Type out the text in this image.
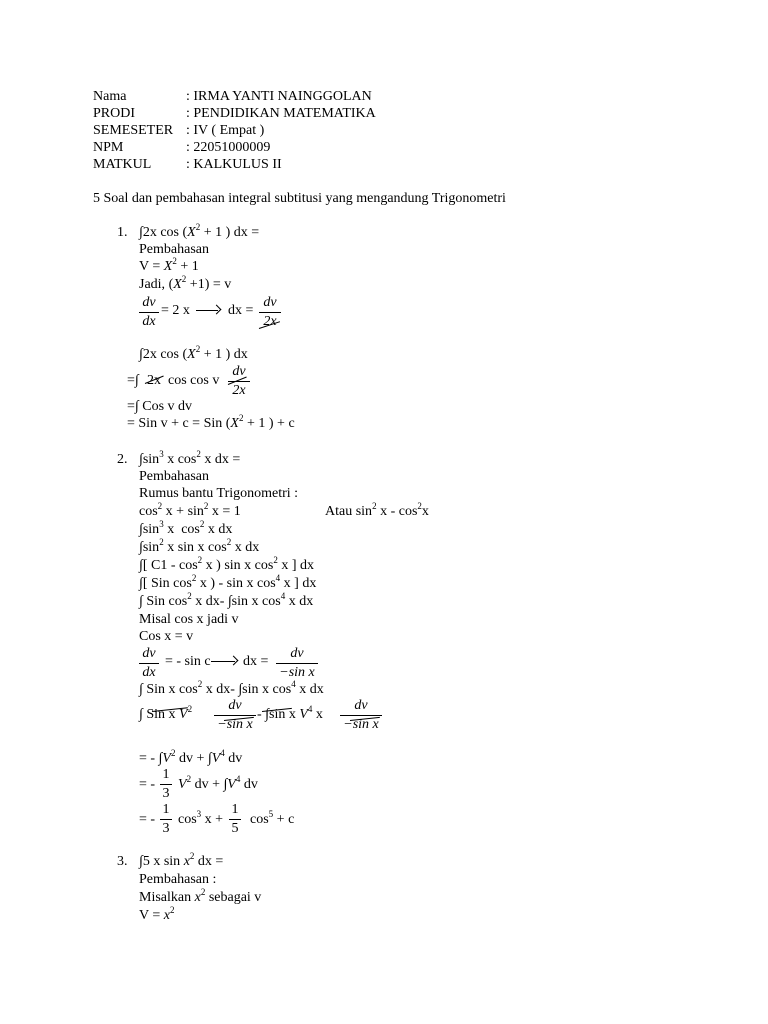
Nama	: IRMA YANTI NAINGGOLAN
PRODI	: PENDIDIKAN MATEMATIKA
SEMESETER : IV ( Empat )
NPM	: 22051000009
MATKUL : KALKULUS II
5 Soal dan pembahasan integral subtitusi yang mengandung Trigonometri
1. ∫2x $\cos (X^2 + 1$ ) dx =
Pembahasan
$V = X^2 + 1$
Jadi, $(X^2 +1) = v$
dv
dx
= 2 x	dx =
dv
2x
∫2x $\cos (X^2 + 1$ ) dx
=∫ 2x cos cos v
dv
2x
=∫ Cos v dv
= Sin v + c = Sin ($X^2 + 1$ ) + c
2. $\int\sin^3$ x $\cos^2 x$ dx =
Pembahasan
Rumus bantu Trigonometri :
$\cos^2 x + \sin^2 x = 1$	Atau $\sin^2 x - \cos^2x$
$\int\sin^3$ x  $\cos^2 x$ dx
$\int\sin^2$ x sin x $\cos^2 x$ dx
∫[ $C1 - \cos^2 x$ ) sin x $\cos^2 x$ ] dx
∫[ Sin $\cos^2 x$ ) - sin x $\cos^4 x$ ] dx
∫ Sin $\cos^2 x$ dx- ∫sin x $\cos^4 x$ dx
Misal cos x jadi v
Cos x = v
dv
dx
= - sin c dx =
dv
−sin x
∫ Sin x $\cos^2 x$ dx- ∫sin x $\cos^4 x$ dx
∫ Sin x $V^2$	dv
−sin x
- ∫sin x $V^4$ x
dv
−sin x
= - $\int V^2$ dv + $\int V^4$ dv
= -
1
3
$V^2$ dv + $\int V^4$ dv
= -
1
3
$\cos^3 x$ +
1
5
$\cos^5 + c$
3. ∫5 x $\sin x^2$ dx =
Pembahasan :
Misalkan $x^2$ sebagai v
$V = x^2$
